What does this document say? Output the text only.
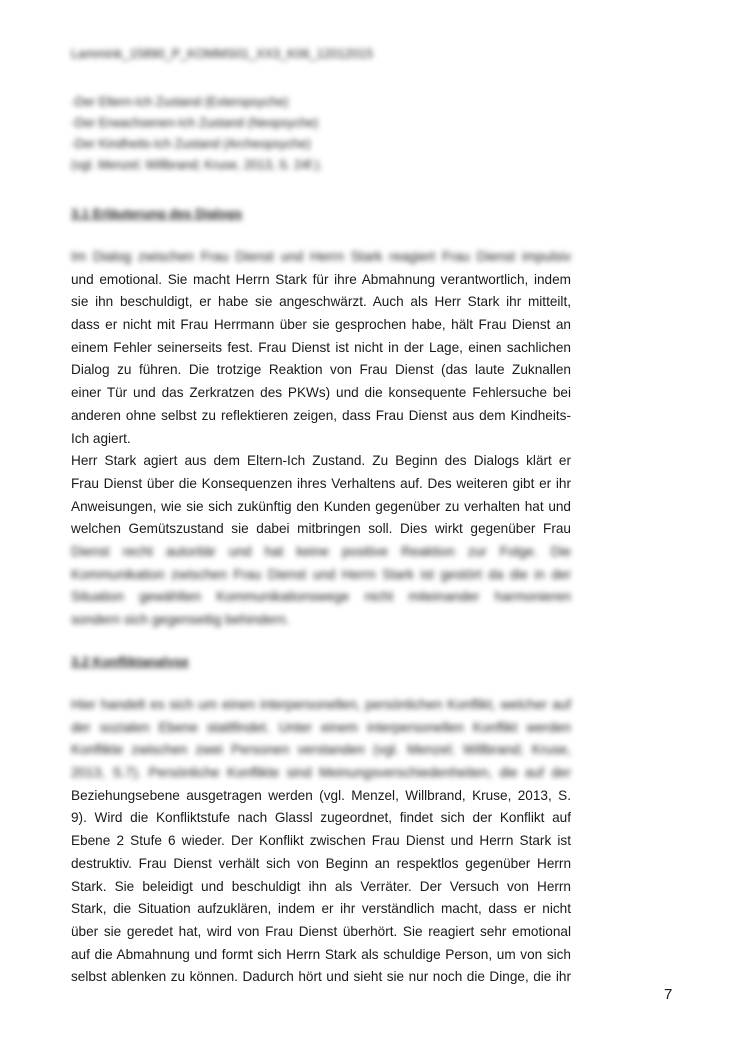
Lammink_15890_P_KOMMS01_XX3_K06_12012015
-Der Eltern-Ich Zustand (Exteropsyche)
-Der Erwachsenen-Ich Zustand (Neopsyche)
-Der Kindheits-Ich Zustand (Archeopsyche)
(vgl. Menzel; Willbrand; Kruse, 2013, S. 24f.).
3.1 Erläuterung des Dialogs
Im Dialog zwischen Frau Dienst und Herrn Stark reagiert Frau Dienst impulsiv
und emotional. Sie macht Herrn Stark für ihre Abmahnung verantwortlich, indem
sie ihn beschuldigt, er habe sie angeschwärzt. Auch als Herr Stark ihr mitteilt,
dass er nicht mit Frau Herrmann über sie gesprochen habe, hält Frau Dienst an
einem Fehler seinerseits fest. Frau Dienst ist nicht in der Lage, einen sachlichen
Dialog zu führen. Die trotzige Reaktion von Frau Dienst (das laute Zuknallen
einer Tür und das Zerkratzen des PKWs) und die konsequente Fehlersuche bei
anderen ohne selbst zu reflektieren zeigen, dass Frau Dienst aus dem Kindheits-
Ich agiert.
Herr Stark agiert aus dem Eltern-Ich Zustand. Zu Beginn des Dialogs klärt er
Frau Dienst über die Konsequenzen ihres Verhaltens auf. Des weiteren gibt er ihr
Anweisungen, wie sie sich zukünftig den Kunden gegenüber zu verhalten hat und
welchen Gemütszustand sie dabei mitbringen soll. Dies wirkt gegenüber Frau
Dienst recht autoritär und hat keine positive Reaktion zur Folge. Die
Kommunikation zwischen Frau Dienst und Herrn Stark ist gestört da die in der
Situation gewählten Kommunikationswege nicht miteinander harmonieren
sondern sich gegenseitig behindern.
3.2 Konfliktanalyse
Hier handelt es sich um einen interpersonellen, persönlichen Konflikt, welcher auf
der sozialen Ebene stattfindet. Unter einem interpersonellen Konflikt werden
Konflikte zwischen zwei Personen verstanden (vgl. Menzel; Willbrand; Kruse,
2013, S.7). Persönliche Konflikte sind Meinungsverschiedenheiten, die auf der
Beziehungsebene ausgetragen werden (vgl. Menzel, Willbrand, Kruse, 2013, S.
9). Wird die Konfliktstufe nach Glassl zugeordnet, findet sich der Konflikt auf
Ebene 2 Stufe 6 wieder. Der Konflikt zwischen Frau Dienst und Herrn Stark ist
destruktiv. Frau Dienst verhält sich von Beginn an respektlos gegenüber Herrn
Stark. Sie beleidigt und beschuldigt ihn als Verräter. Der Versuch von Herrn
Stark, die Situation aufzuklären, indem er ihr verständlich macht, dass er nicht
über sie geredet hat, wird von Frau Dienst überhört. Sie reagiert sehr emotional
auf die Abmahnung und formt sich Herrn Stark als schuldige Person, um von sich
selbst ablenken zu können. Dadurch hört und sieht sie nur noch die Dinge, die ihr
7
